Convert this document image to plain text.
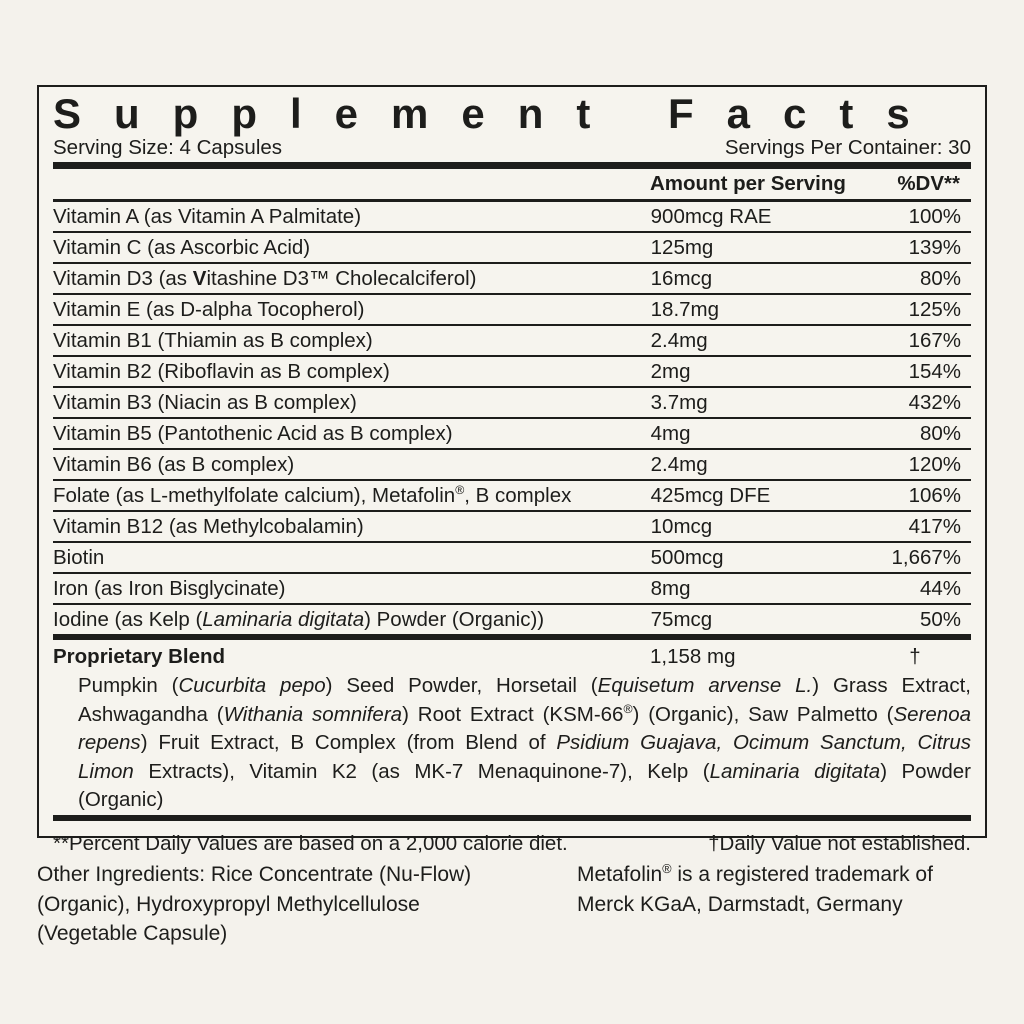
Supplement Facts
Serving Size: 4 Capsules	Servings Per Container: 30
Amount per Serving	%DV**
Vitamin A (as Vitamin A Palmitate)	900mcg RAE	100%
Vitamin C (as Ascorbic Acid)	125mg	139%
Vitamin D3 (as Vitashine D3™ Cholecalciferol)	16mcg	80%
Vitamin E (as D-alpha Tocopherol)	18.7mg	125%
Vitamin B1 (Thiamin as B complex)	2.4mg	167%
Vitamin B2 (Riboflavin as B complex)	2mg	154%
Vitamin B3 (Niacin as B complex)	3.7mg	432%
Vitamin B5 (Pantothenic Acid as B complex)	4mg	80%
Vitamin B6 (as B complex)	2.4mg	120%
Folate (as L-methylfolate calcium), Metafolin®, B complex	425mcg DFE	106%
Vitamin B12 (as Methylcobalamin)	10mcg	417%
Biotin	500mcg	1,667%
Iron (as Iron Bisglycinate)	8mg	44%
Iodine (as Kelp (Laminaria digitata) Powder (Organic))	75mcg	50%
Proprietary Blend	1,158 mg	†
Pumpkin (Cucurbita pepo) Seed Powder, Horsetail (Equisetum arvense L.) Grass Extract, Ashwagandha (Withania somnifera) Root Extract (KSM-66®) (Organic), Saw Palmetto (Serenoa repens) Fruit Extract, B Complex (from Blend of Psidium Guajava, Ocimum Sanctum, Citrus Limon Extracts), Vitamin K2 (as MK-7 Menaquinone-7), Kelp (Laminaria digitata) Powder (Organic)
**Percent Daily Values are based on a 2,000 calorie diet.	†Daily Value not established.
Other Ingredients: Rice Concentrate (Nu-Flow) (Organic), Hydroxypropyl Methylcellulose (Vegetable Capsule)
Metafolin® is a registered trademark of Merck KGaA, Darmstadt, Germany
